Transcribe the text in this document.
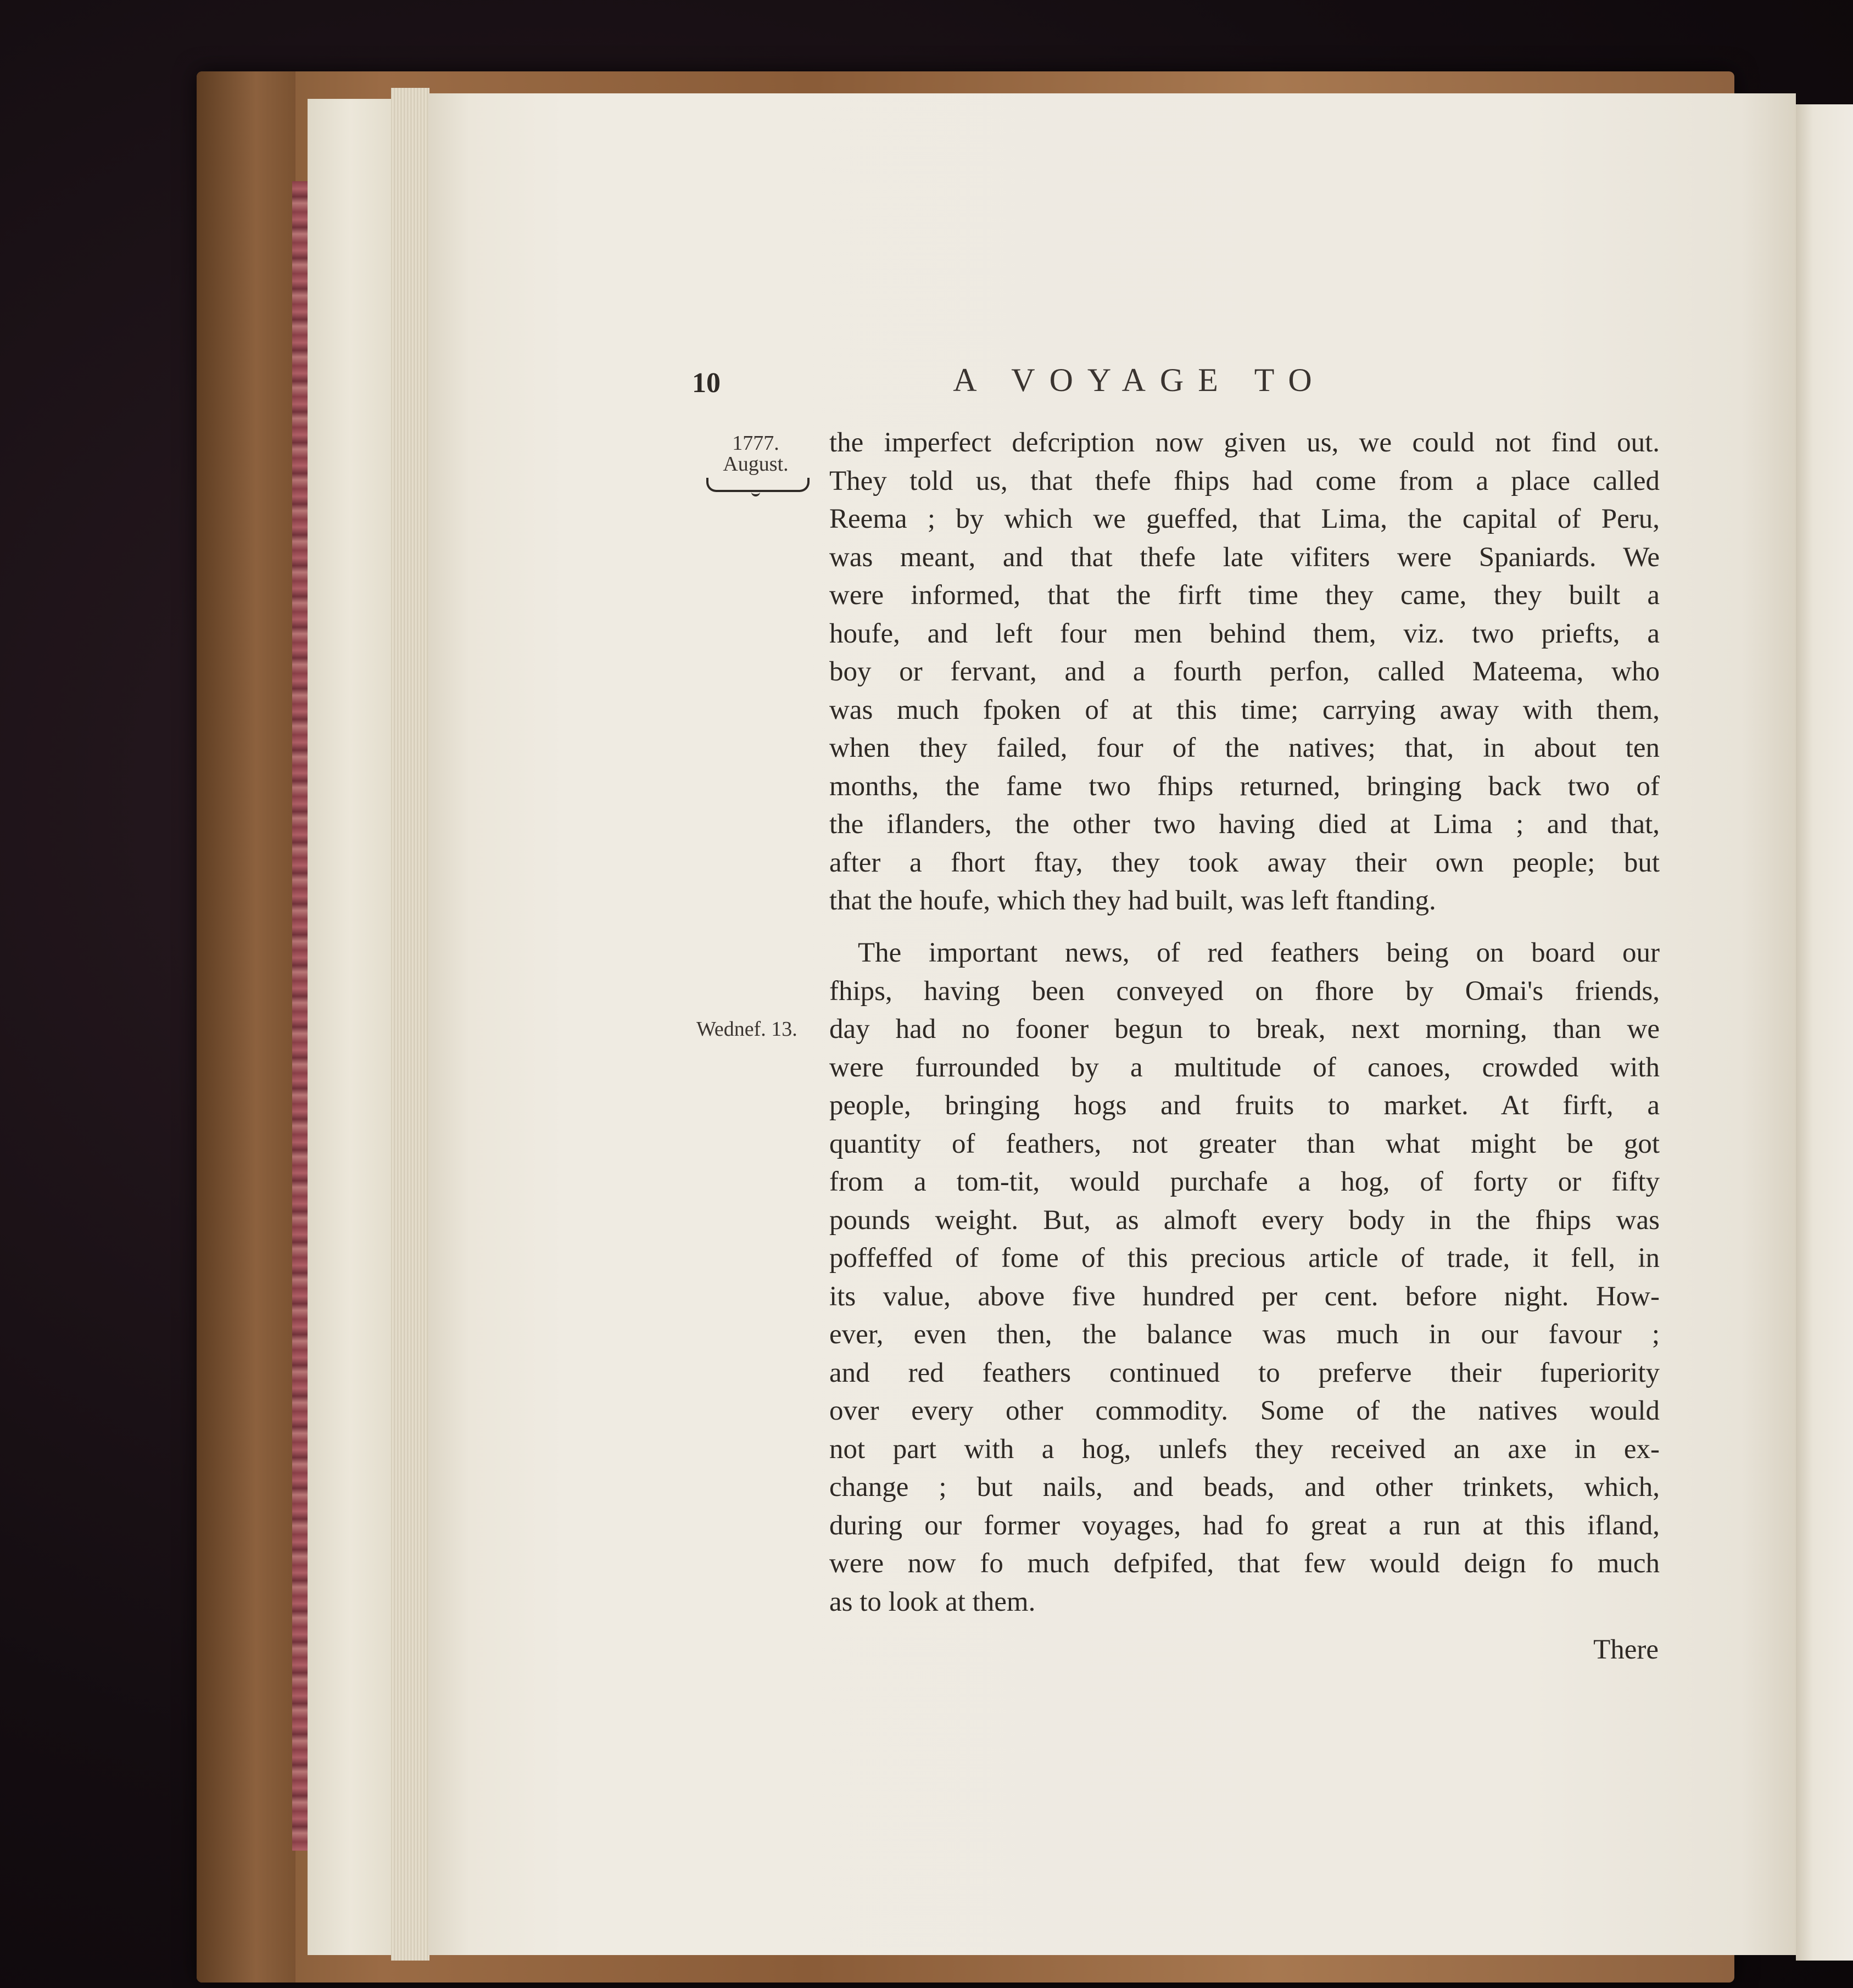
10	A VOYAGE TO
1777.
August.
Wednef. 13.
the imperfect defcription now given us, we could not find out.
They told us, that thefe fhips had come from a place called
Reema ; by which we gueffed, that Lima, the capital of Peru,
was meant, and that thefe late vifiters were Spaniards. We
were informed, that the firft time they came, they built a
houfe, and left four men behind them, viz. two priefts, a
boy or fervant, and a fourth perfon, called Mateema, who
was much fpoken of at this time; carrying away with them,
when they failed, four of the natives; that, in about ten
months, the fame two fhips returned, bringing back two of
the iflanders, the other two having died at Lima ; and that,
after a fhort ftay, they took away their own people; but
that the houfe, which they had built, was left ftanding.
The important news, of red feathers being on board our
fhips, having been conveyed on fhore by Omai's friends,
day had no fooner begun to break, next morning, than we
were furrounded by a multitude of canoes, crowded with
people, bringing hogs and fruits to market. At firft, a
quantity of feathers, not greater than what might be got
from a tom-tit, would purchafe a hog, of forty or fifty
pounds weight. But, as almoft every body in the fhips was
poffeffed of fome of this precious article of trade, it fell, in
its value, above five hundred per cent. before night. How-
ever, even then, the balance was much in our favour ;
and red feathers continued to preferve their fuperiority
over every other commodity. Some of the natives would
not part with a hog, unlefs they received an axe in ex-
change ; but nails, and beads, and other trinkets, which,
during our former voyages, had fo great a run at this ifland,
were now fo much defpifed, that few would deign fo much
as to look at them.
There
